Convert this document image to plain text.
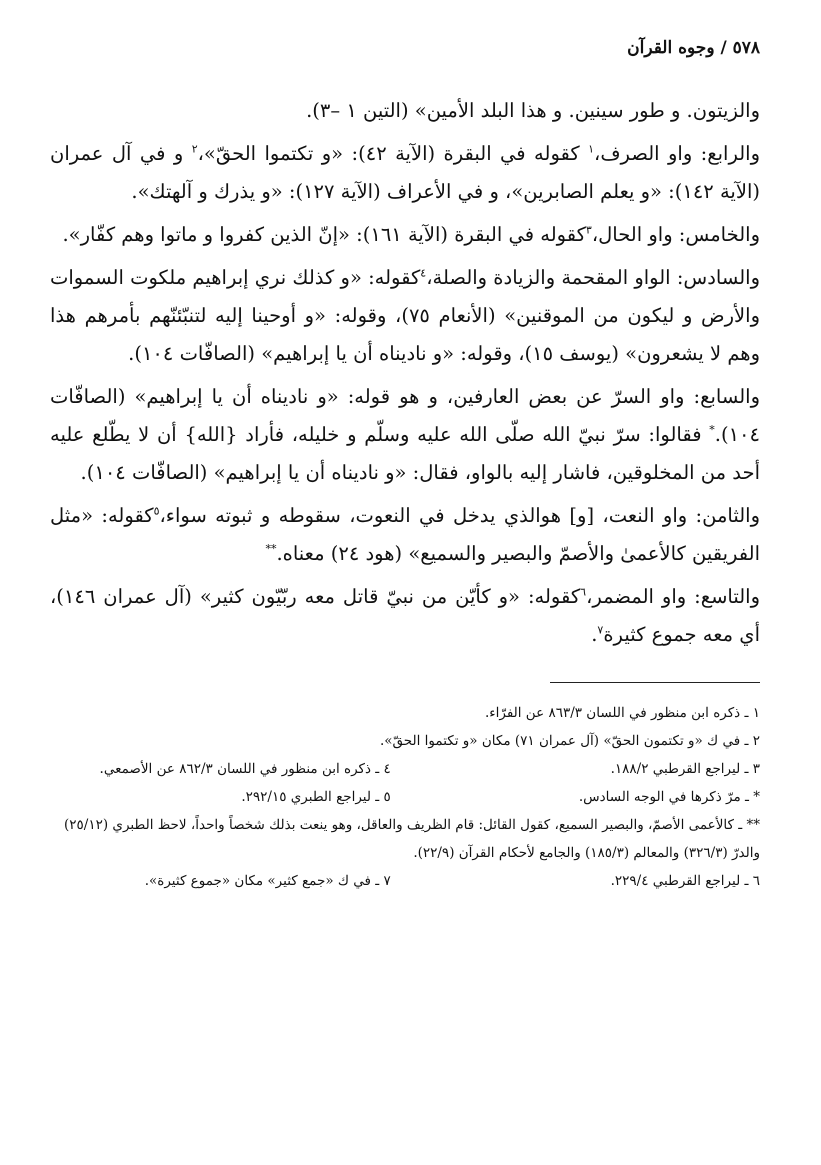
٥٧٨ / وجوه القرآن

والزيتون. و طور سينين. و هذا البلد الأمين» (التين ١ –٣).

والرابع: واو الصرف،$^١$ كقوله في البقرة (الآية ٤٢): «و تكتموا الحقّ»،$^٢$ و في آل عمران (الآية ١٤٢): «و يعلم الصابرين»، و في الأعراف (الآية ١٢٧): «و يذرك و آلهتك».

والخامس: واو الحال،$^٣$كقوله في البقرة (الآية ١٦١): «إنّ الذين كفروا و ماتوا وهم كفّار».

والسادس: الواو المقحمة والزيادة والصلة،$^٤$كقوله: «و كذلك نري إبراهيم ملكوت السموات والأرض و ليكون من الموقنين» (الأنعام ٧٥)، وقوله: «و أوحينا إليه لتنبّئنّهم بأمرهم هذا وهم لا يشعرون» (يوسف ١٥)، وقوله: «و ناديناه أن يا إبراهيم» (الصافّات ١٠٤).

والسابع: واو السرّ عن بعض العارفين، و هو قوله: «و ناديناه أن يا إبراهيم» (الصافّات ١٠٤).* فقالوا: سرّ نبيّ الله صلّى الله عليه وسلّم و خليله، فأراد {الله} أن لا يطّلع عليه أحد من المخلوقين، فاشار إليه بالواو، فقال: «و ناديناه أن يا إبراهيم» (الصافّات ١٠٤).

والثامن: واو النعت، [و] هوالذي يدخل في النعوت، سقوطه و ثبوته سواء،$^٥$كقوله: «مثل الفريقين كالأعمىٰ والأصمّ والبصير والسميع» (هود ٢٤) معناه.**

والتاسع: واو المضمر،$^٦$كقوله: «و كأيّن من نبيّ قاتل معه ربّيّون كثير» (آل عمران ١٤٦)، أي معه جموع كثيرة$^٧$.

١ ـ ذكره ابن منظور في اللسان ٨٦٣/٣ عن الفرّاء.
٢ ـ في ك «و تكتمون الحقّ» (آل عمران ٧١) مكان «و تكتموا الحقّ».
٣ ـ ليراجع القرطبي ١٨٨/٢.
٤ ـ ذكره ابن منظور في اللسان ٨٦٢/٣ عن الأصمعي.
* ـ مرّ ذكرها في الوجه السادس.
٥ ـ ليراجع الطبري ٢٩٢/١٥.
** ـ كالأعمى الأصمّ، والبصير السميع، كقول القائل: قام الظريف والعاقل، وهو ينعت بذلك شخصاً واحداً، لاحظ الطبري (٢٥/١٢) والدرّ (٣٢٦/٣) والمعالم (١٨٥/٣) والجامع لأحكام القرآن (٢٢/٩).
٦ ـ ليراجع القرطبي ٢٢٩/٤.
٧ ـ في ك «جمع كثير» مكان «جموع كثيرة».
